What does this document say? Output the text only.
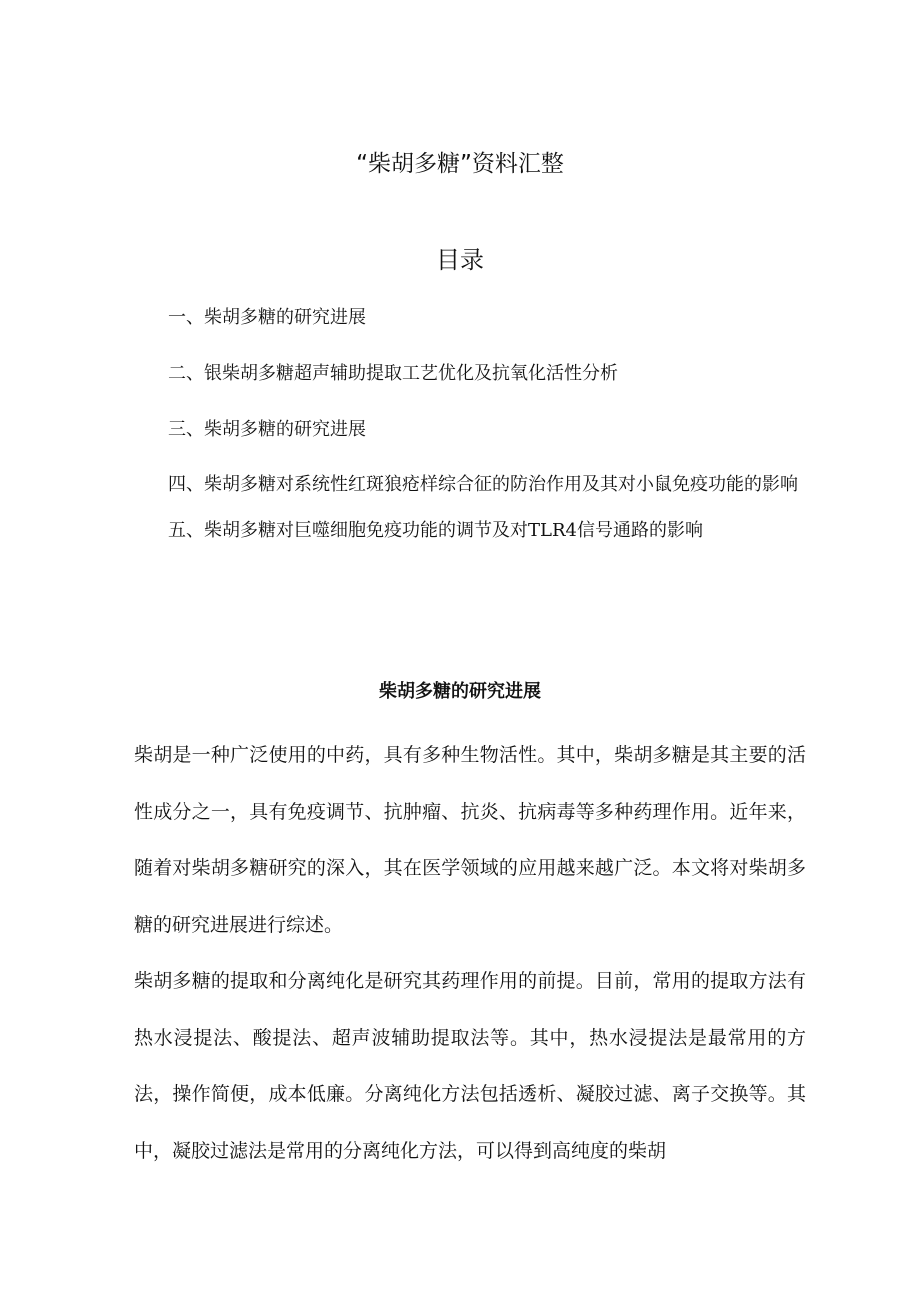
“柴胡多糖”资料汇整
目录
一、柴胡多糖的研究进展
二、银柴胡多糖超声辅助提取工艺优化及抗氧化活性分析
三、柴胡多糖的研究进展
四、柴胡多糖对系统性红斑狼疮样综合征的防治作用及其对小鼠免疫功能的影响
五、柴胡多糖对巨噬细胞免疫功能的调节及对TLR4信号通路的影响
柴胡多糖的研究进展

柴胡是一种广泛使用的中药，具有多种生物活性。其中，柴胡多糖是其主要的活性成分之一，具有免疫调节、抗肿瘤、抗炎、抗病毒等多种药理作用。近年来，随着对柴胡多糖研究的深入，其在医学领域的应用越来越广泛。本文将对柴胡多糖的研究进展进行综述。

柴胡多糖的提取和分离纯化是研究其药理作用的前提。目前，常用的提取方法有热水浸提法、酸提法、超声波辅助提取法等。其中，热水浸提法是最常用的方法，操作简便，成本低廉。分离纯化方法包括透析、凝胶过滤、离子交换等。其中，凝胶过滤法是常用的分离纯化方法，可以得到高纯度的柴胡
